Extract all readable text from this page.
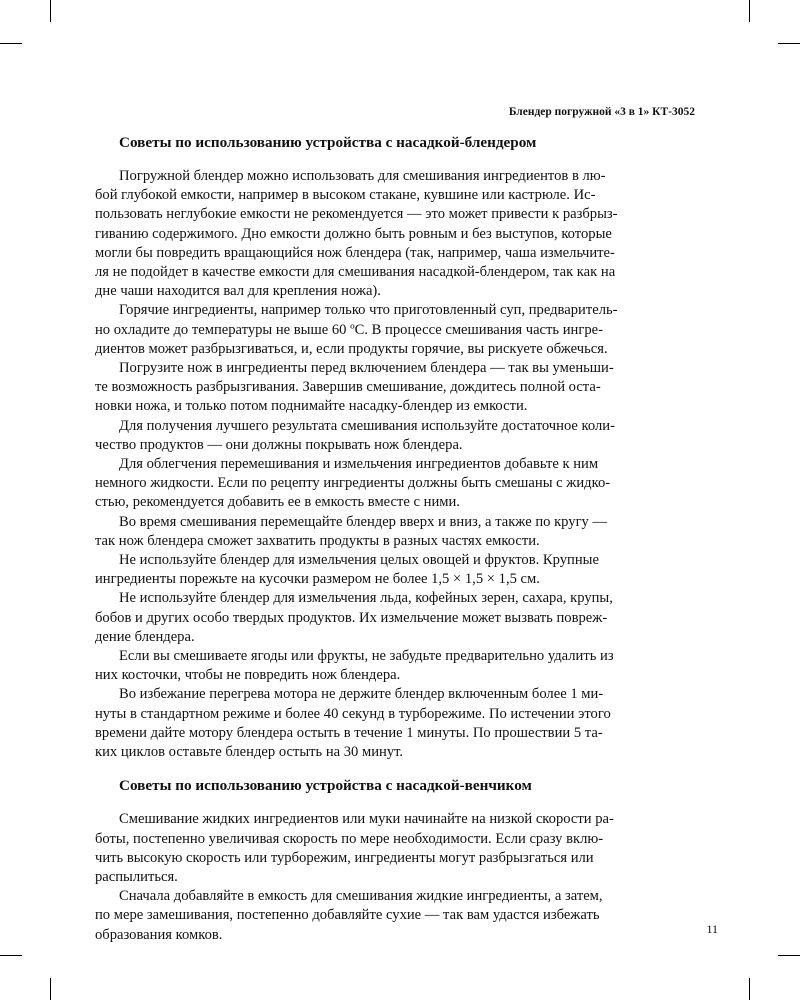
Блендер погружной «3 в 1» КТ-3052
Советы по использованию устройства с насадкой-блендером

Погружной блендер можно использовать для смешивания ингредиентов в лю-
бой глубокой емкости, например в высоком стакане, кувшине или кастрюле. Ис-
пользовать неглубокие емкости не рекомендуется — это может привести к разбрыз-
гиванию содержимого. Дно емкости должно быть ровным и без выступов, которые
могли бы повредить вращающийся нож блендера (так, например, чаша измельчите-
ля не подойдет в качестве емкости для смешивания насадкой-блендером, так как на
дне чаши находится вал для крепления ножа).

Горячие ингредиенты, например только что приготовленный суп, предваритель-
но охладите до температуры не выше 60 ºС. В процессе смешивания часть ингре-
диентов может разбрызгиваться, и, если продукты горячие, вы рискуете обжечься.

Погрузите нож в ингредиенты перед включением блендера — так вы уменьши-
те возможность разбрызгивания. Завершив смешивание, дождитесь полной оста-
новки ножа, и только потом поднимайте насадку-блендер из емкости.

Для получения лучшего результата смешивания используйте достаточное коли-
чество продуктов — они должны покрывать нож блендера.

Для облегчения перемешивания и измельчения ингредиентов добавьте к ним
немного жидкости. Если по рецепту ингредиенты должны быть смешаны с жидко-
стью, рекомендуется добавить ее в емкость вместе с ними.

Во время смешивания перемещайте блендер вверх и вниз, а также по кругу —
так нож блендера сможет захватить продукты в разных частях емкости.

Не используйте блендер для измельчения целых овощей и фруктов. Крупные
ингредиенты порежьте на кусочки размером не более 1,5 × 1,5 × 1,5 см.

Не используйте блендер для измельчения льда, кофейных зерен, сахара, крупы,
бобов и других особо твердых продуктов. Их измельчение может вызвать повреж-
дение блендера.

Если вы смешиваете ягоды или фрукты, не забудьте предварительно удалить из
них косточки, чтобы не повредить нож блендера.

Во избежание перегрева мотора не держите блендер включенным более 1 ми-
нуты в стандартном режиме и более 40 секунд в турборежиме. По истечении этого
времени дайте мотору блендера остыть в течение 1 минуты. По прошествии 5 та-
ких циклов оставьте блендер остыть на 30 минут.

Советы по использованию устройства с насадкой-венчиком

Смешивание жидких ингредиентов или муки начинайте на низкой скорости ра-
боты, постепенно увеличивая скорость по мере необходимости. Если сразу вклю-
чить высокую скорость или турборежим, ингредиенты могут разбрызгаться или
распылиться.

Сначала добавляйте в емкость для смешивания жидкие ингредиенты, а затем,
по мере замешивания, постепенно добавляйте сухие — так вам удастся избежать
образования комков.	11
